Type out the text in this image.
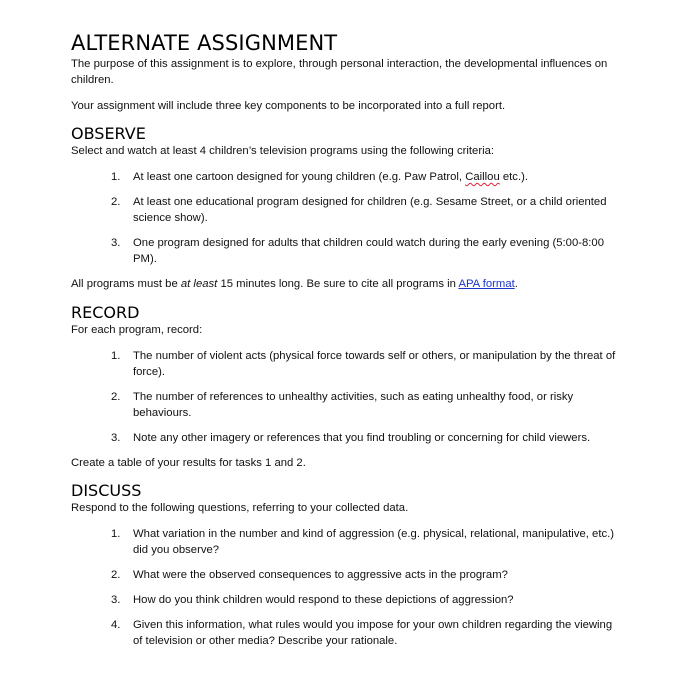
ALTERNATE ASSIGNMENT

The purpose of this assignment is to explore, through personal interaction, the developmental influences on children.

Your assignment will include three key components to be incorporated into a full report.

OBSERVE

Select and watch at least 4 children’s television programs using the following criteria:

1. At least one cartoon designed for young children (e.g. Paw Patrol, Caillou etc.).
2. At least one educational program designed for children (e.g. Sesame Street, or a child oriented science show).
3. One program designed for adults that children could watch during the early evening (5:00-8:00 PM).

All programs must be at least 15 minutes long. Be sure to cite all programs in APA format.

RECORD

For each program, record:

1. The number of violent acts (physical force towards self or others, or manipulation by the threat of force).
2. The number of references to unhealthy activities, such as eating unhealthy food, or risky behaviours.
3. Note any other imagery or references that you find troubling or concerning for child viewers.

Create a table of your results for tasks 1 and 2.

DISCUSS

Respond to the following questions, referring to your collected data.

1. What variation in the number and kind of aggression (e.g. physical, relational, manipulative, etc.) did you observe?
2. What were the observed consequences to aggressive acts in the program?
3. How do you think children would respond to these depictions of aggression?
4. Given this information, what rules would you impose for your own children regarding the viewing of television or other media? Describe your rationale.
